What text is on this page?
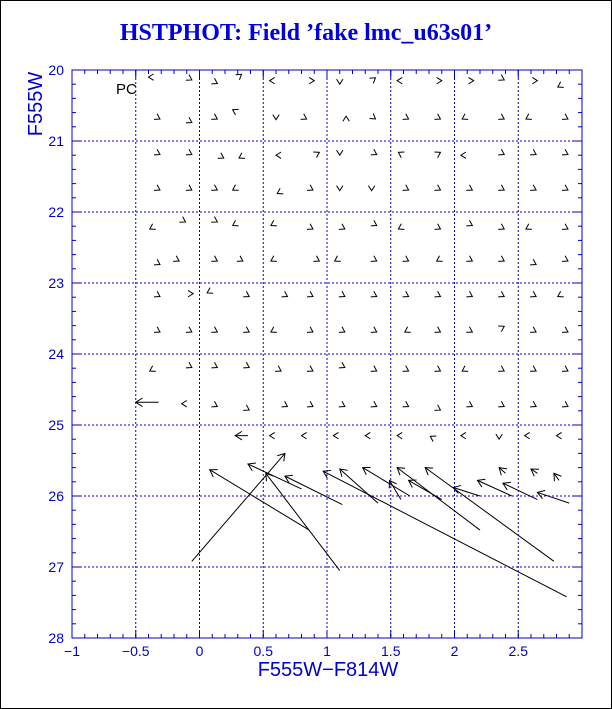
HSTPHOT: Field ’fake lmc_u63s01’
F555W
F555W−F814W
PC
−1	−0.5	0	0.5	1	1.5	2	2.5
20
21
22
23
24
25
26
27
28
